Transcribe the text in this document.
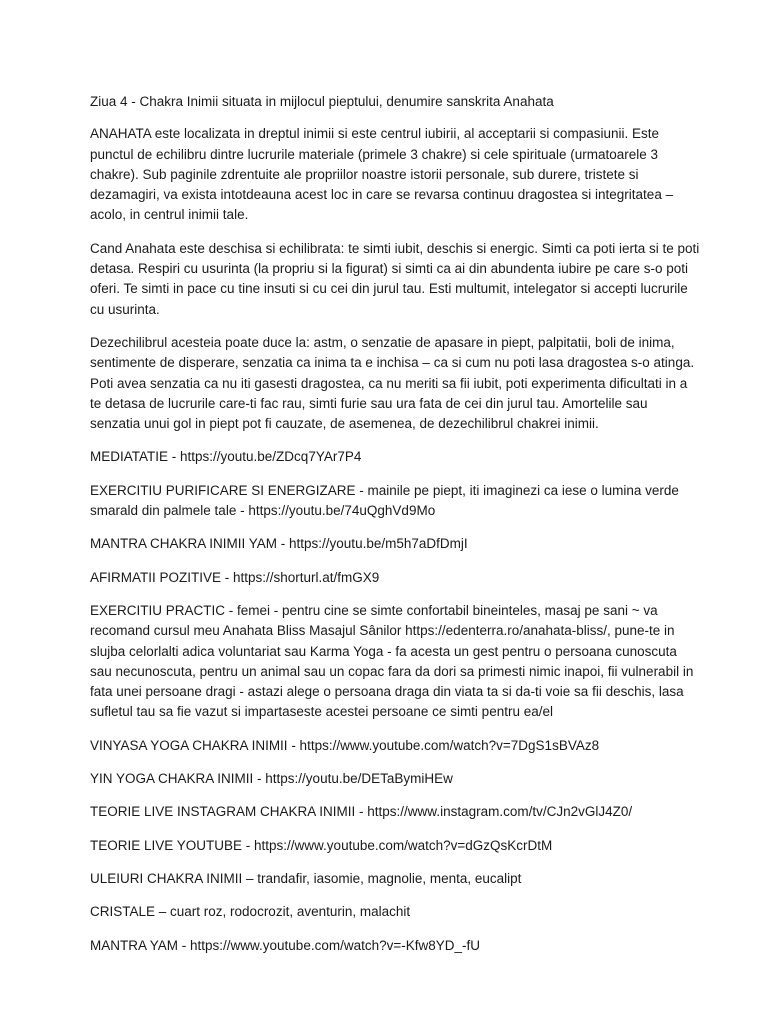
Ziua 4 - Chakra Inimii situata in mijlocul pieptului, denumire sanskrita Anahata

ANAHATA este localizata in dreptul inimii si este centrul iubirii, al acceptarii si compasiunii. Este punctul de echilibru dintre lucrurile materiale (primele 3 chakre) si cele spirituale (urmatoarele 3 chakre). Sub paginile zdrentuite ale propriilor noastre istorii personale, sub durere, tristete si dezamagiri, va exista intotdeauna acest loc in care se revarsa continuu dragostea si integritatea – acolo, in centrul inimii tale.

Cand Anahata este deschisa si echilibrata: te simti iubit, deschis si energic. Simti ca poti ierta si te poti detasa. Respiri cu usurinta (la propriu si la figurat) si simti ca ai din abundenta iubire pe care s-o poti oferi. Te simti in pace cu tine insuti si cu cei din jurul tau. Esti multumit, intelegator si accepti lucrurile cu usurinta.

Dezechilibrul acesteia poate duce la: astm, o senzatie de apasare in piept, palpitatii, boli de inima, sentimente de disperare, senzatia ca inima ta e inchisa – ca si cum nu poti lasa dragostea s-o atinga. Poti avea senzatia ca nu iti gasesti dragostea, ca nu meriti sa fii iubit, poti experimenta dificultati in a te detasa de lucrurile care-ti fac rau, simti furie sau ura fata de cei din jurul tau. Amortelile sau senzatia unui gol in piept pot fi cauzate, de asemenea, de dezechilibrul chakrei inimii.

MEDIATATIE - https://youtu.be/ZDcq7YAr7P4

EXERCITIU PURIFICARE SI ENERGIZARE - mainile pe piept, iti imaginezi ca iese o lumina verde smarald din palmele tale - https://youtu.be/74uQghVd9Mo

MANTRA CHAKRA INIMII YAM - https://youtu.be/m5h7aDfDmjI

AFIRMATII POZITIVE - https://shorturl.at/fmGX9

EXERCITIU PRACTIC - femei - pentru cine se simte confortabil bineinteles, masaj pe sani ~ va recomand cursul meu Anahata Bliss Masajul Sânilor https://edenterra.ro/anahata-bliss/, pune-te in slujba celorlalti adica voluntariat sau Karma Yoga - fa acesta un gest pentru o persoana cunoscuta sau necunoscuta, pentru un animal sau un copac fara da dori sa primesti nimic inapoi, fii vulnerabil in fata unei persoane dragi - astazi alege o persoana draga din viata ta si da-ti voie sa fii deschis, lasa sufletul tau sa fie vazut si impartaseste acestei persoane ce simti pentru ea/el

VINYASA YOGA CHAKRA INIMII - https://www.youtube.com/watch?v=7DgS1sBVAz8

YIN YOGA CHAKRA INIMII - https://youtu.be/DETaBymiHEw

TEORIE LIVE INSTAGRAM CHAKRA INIMII - https://www.instagram.com/tv/CJn2vGlJ4Z0/

TEORIE LIVE YOUTUBE - https://www.youtube.com/watch?v=dGzQsKcrDtM

ULEIURI CHAKRA INIMII – trandafir, iasomie, magnolie, menta, eucalipt

CRISTALE – cuart roz, rodocrozit, aventurin, malachit

MANTRA YAM - https://www.youtube.com/watch?v=-Kfw8YD_-fU
